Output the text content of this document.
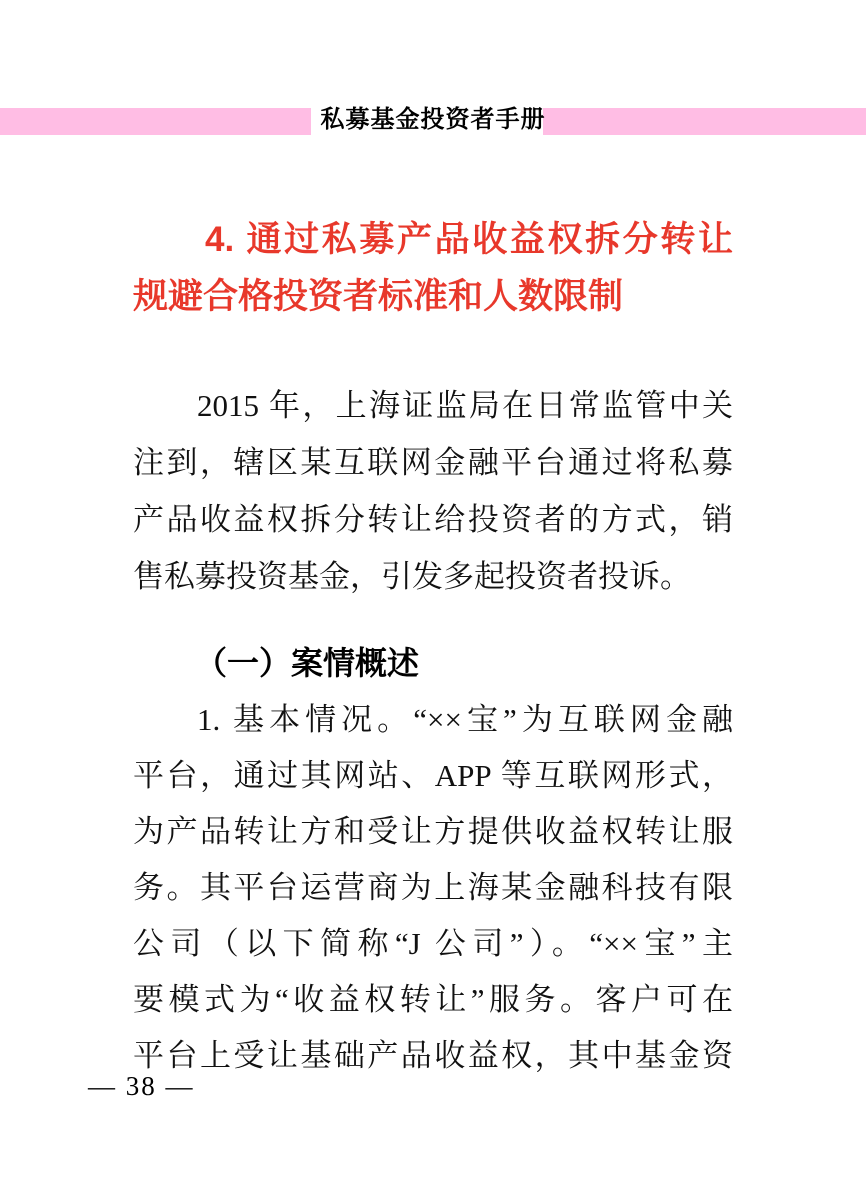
私募基金投资者手册
4. 通过私募产品收益权拆分转让
规避合格投资者标准和人数限制
2015 年，上海证监局在日常监管中关
注到，辖区某互联网金融平台通过将私募
产品收益权拆分转让给投资者的方式，销
售私募投资基金，引发多起投资者投诉。
（一）案情概述
1. 基本情况。“××宝”为互联网金融
平台，通过其网站、APP 等互联网形式，
为产品转让方和受让方提供收益权转让服
务。其平台运营商为上海某金融科技有限
公司（以下简称“J 公司”）。“××宝”主
要模式为“收益权转让”服务。客户可在
平台上受让基础产品收益权，其中基金资
— 38 —
